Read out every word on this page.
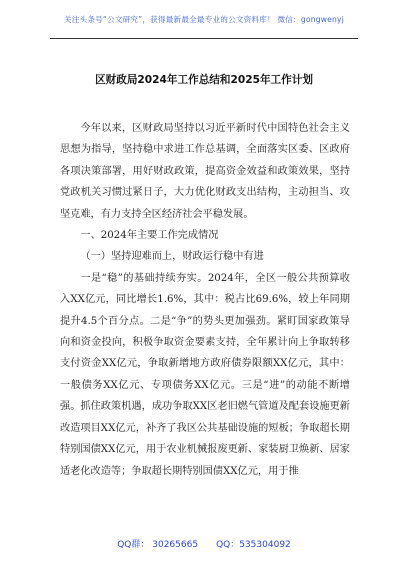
关注头条号“公文研究”，获得最新最全最专业的公文资料库！ 微信：gongwenyj
区财政局2024年工作总结和2025年工作计划

今年以来，区财政局坚持以习近平新时代中国特色社会主义思想为指导，坚持稳中求进工作总基调，全面落实区委、区政府各项决策部署，用好财政政策，提高资金效益和政策效果，坚持党政机关习惯过紧日子，大力优化财政支出结构，主动担当、攻坚克难，有力支持全区经济社会平稳发展。

一、2024年主要工作完成情况

（一）坚持迎难而上，财政运行稳中有进

一是“稳”的基础持续夯实。2024年，全区一般公共预算收入XX亿元，同比增长1.6%，其中：税占比69.6%，较上年同期提升4.5个百分点。二是“争”的势头更加强劲。紧盯国家政策导向和资金投向，积极争取资金要素支持，全年累计向上争取转移支付资金XX亿元，争取新增地方政府债券限额XX亿元，其中：一般债务XX亿元、专项债务XX亿元。三是“进”的动能不断增强。抓住政策机遇，成功争取XX区老旧燃气管道及配套设施更新改造项目XX亿元，补齐了我区公共基础设施的短板；争取超长期特别国债XX亿元，用于农业机械报废更新、家装厨卫焕新、居家适老化改造等；争取超长期特别国债XX亿元，用于推

QQ群： 30265665 QQ：535304092
